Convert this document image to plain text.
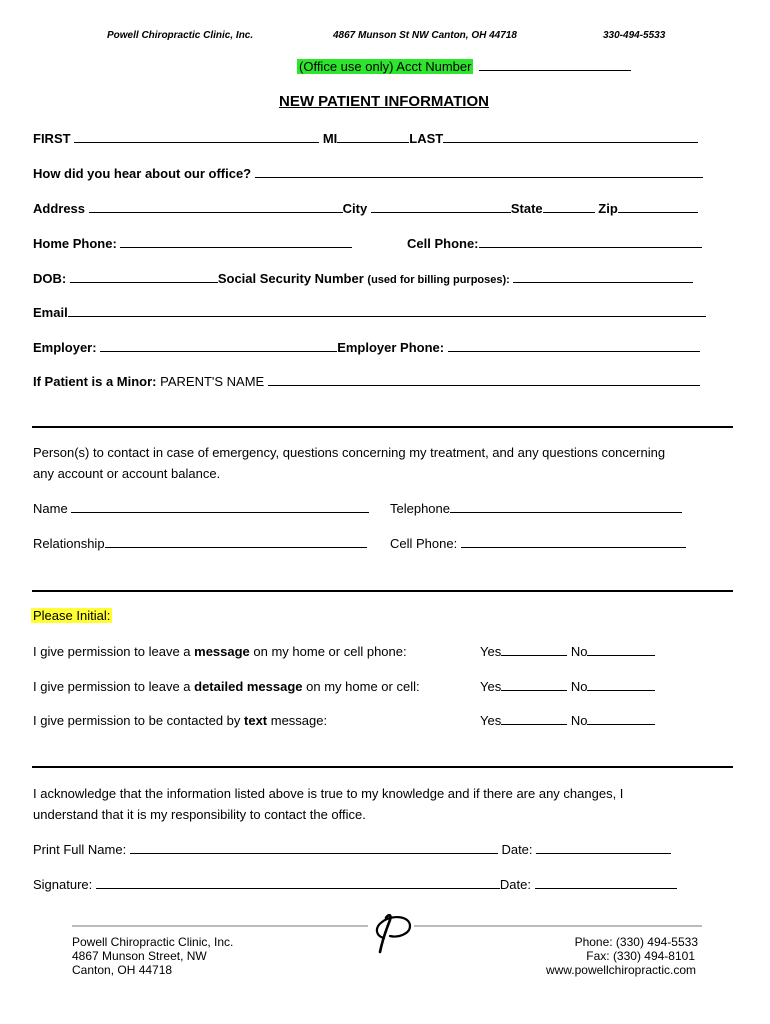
Powell Chiropractic Clinic, Inc.	4867 Munson St NW Canton, OH 44718	330-494-5533
(Office use only) Acct Number
NEW PATIENT INFORMATION
FIRST	MI	LAST
How did you hear about our office?
Address	City	State	Zip
Home Phone:	Cell Phone:
DOB:	Social Security Number (used for billing purposes):
Email
Employer:	Employer Phone:
If Patient is a Minor: PARENT'S NAME
Person(s) to contact in case of emergency, questions concerning my treatment, and any questions concerning
any account or account balance.
Name	Telephone
Relationship	Cell Phone:
Please Initial:
I give permission to leave a message on my home or cell phone:	Yes	No
I give permission to leave a detailed message on my home or cell:	Yes	No
I give permission to be contacted by text message:	Yes	No
I acknowledge that the information listed above is true to my knowledge and if there are any changes, I
understand that it is my responsibility to contact the office.
Print Full Name:	Date:
Signature:	Date:
Powell Chiropractic Clinic, Inc.
4867 Munson Street, NW
Canton, OH 44718
Phone: (330) 494-5533
Fax: (330) 494-8101
www.powellchiropractic.com
